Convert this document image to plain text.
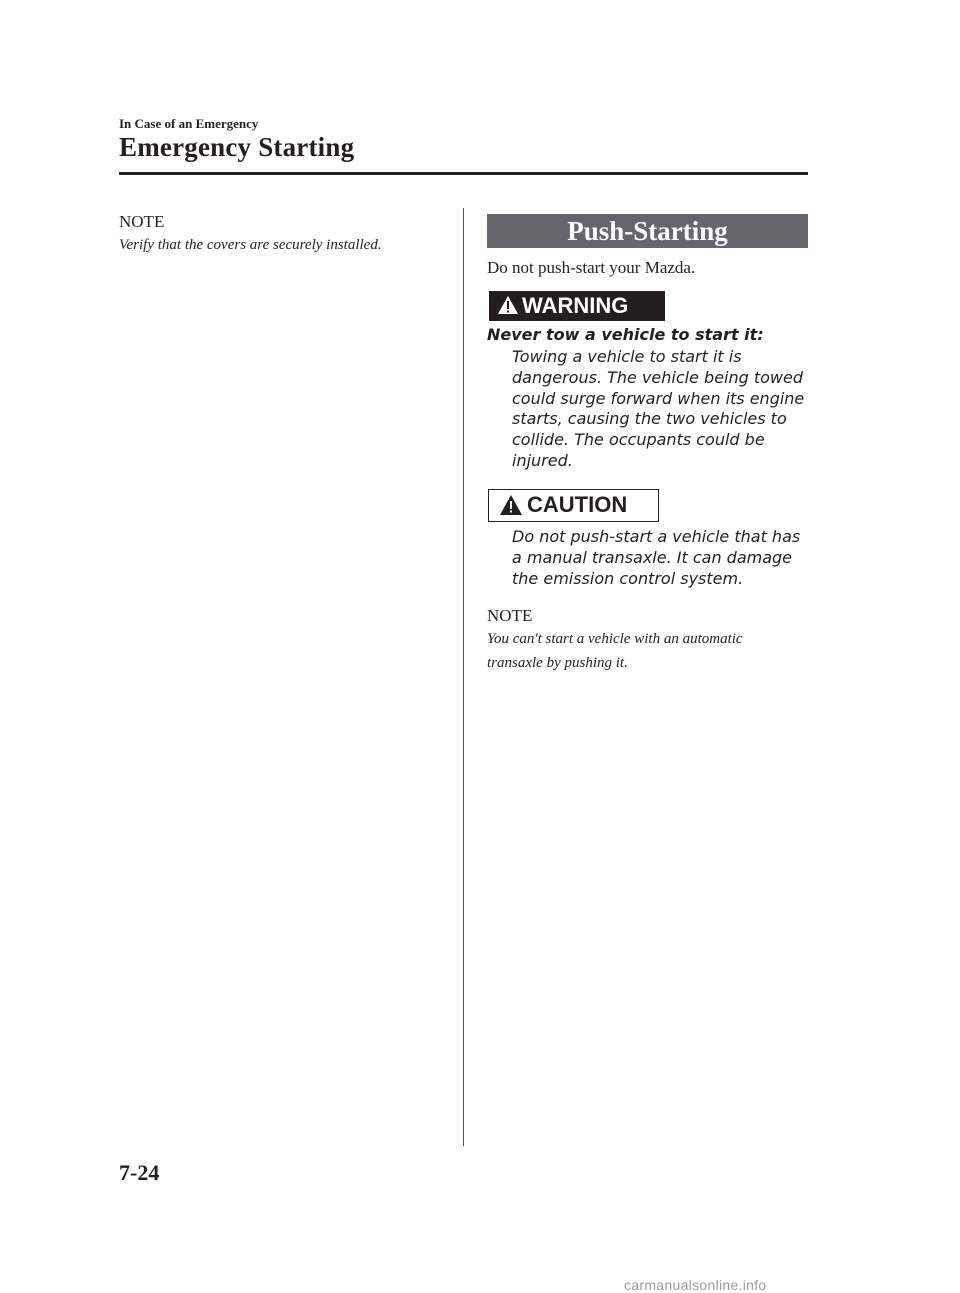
In Case of an Emergency
Emergency Starting
NOTE
Verify that the covers are securely installed.	Push-Starting
Do not push-start your Mazda.
WARNING
Never tow a vehicle to start it:
Towing a vehicle to start it is
dangerous. The vehicle being towed
could surge forward when its engine
starts, causing the two vehicles to
collide. The occupants could be
injured.
CAUTION
Do not push-start a vehicle that has
a manual transaxle. It can damage
the emission control system.
NOTE
You can't start a vehicle with an automatic
transaxle by pushing it.
7-24
carmanualsonline.info
